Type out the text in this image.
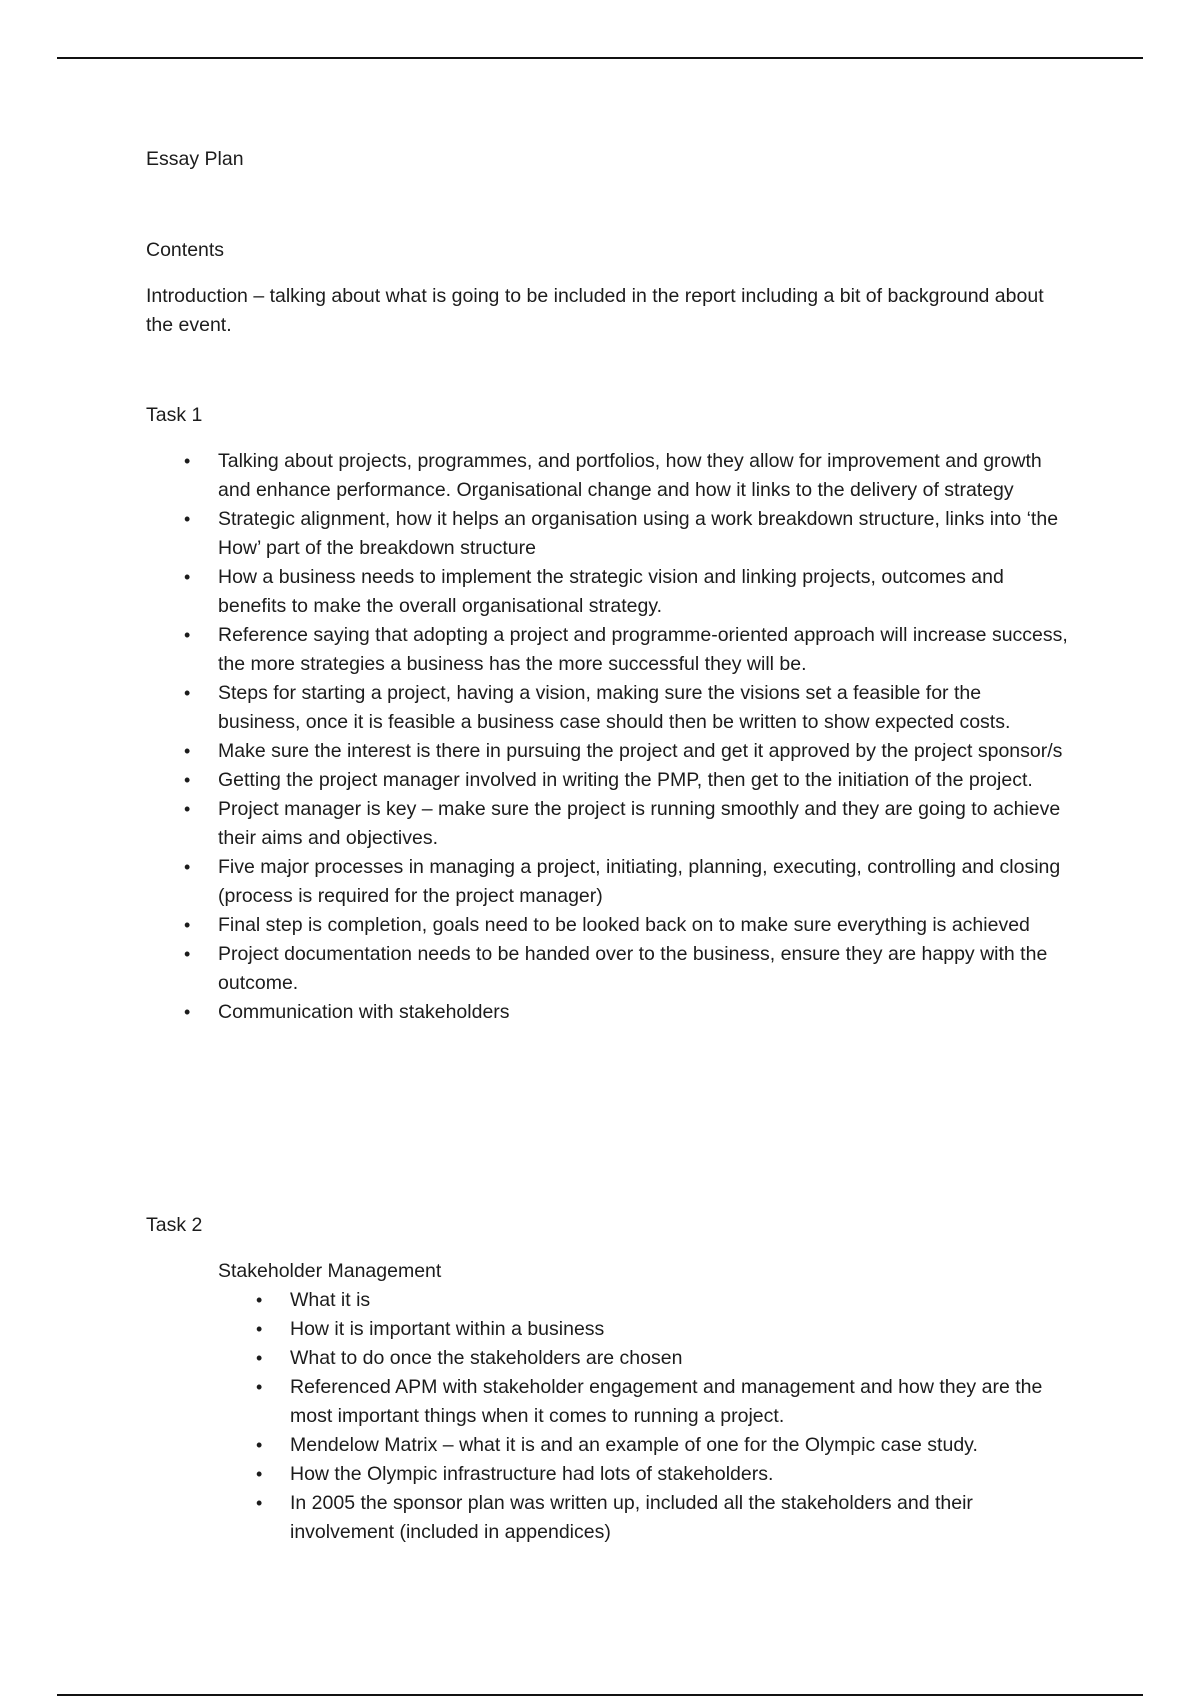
Essay Plan

Contents

Introduction – talking about what is going to be included in the report including a bit of background about the event.

Task 1

• Talking about projects, programmes, and portfolios, how they allow for improvement and growth and enhance performance. Organisational change and how it links to the delivery of strategy
• Strategic alignment, how it helps an organisation using a work breakdown structure, links into ‘the How’ part of the breakdown structure
• How a business needs to implement the strategic vision and linking projects, outcomes and benefits to make the overall organisational strategy.
• Reference saying that adopting a project and programme-oriented approach will increase success, the more strategies a business has the more successful they will be.
• Steps for starting a project, having a vision, making sure the visions set a feasible for the business, once it is feasible a business case should then be written to show expected costs.
• Make sure the interest is there in pursuing the project and get it approved by the project sponsor/s
• Getting the project manager involved in writing the PMP, then get to the initiation of the project.
• Project manager is key – make sure the project is running smoothly and they are going to achieve their aims and objectives.
• Five major processes in managing a project, initiating, planning, executing, controlling and closing (process is required for the project manager)
• Final step is completion, goals need to be looked back on to make sure everything is achieved
• Project documentation needs to be handed over to the business, ensure they are happy with the outcome.
• Communication with stakeholders

Task 2

Stakeholder Management

• What it is
• How it is important within a business
• What to do once the stakeholders are chosen
• Referenced APM with stakeholder engagement and management and how they are the most important things when it comes to running a project.
• Mendelow Matrix – what it is and an example of one for the Olympic case study.
• How the Olympic infrastructure had lots of stakeholders.
• In 2005 the sponsor plan was written up, included all the stakeholders and their involvement (included in appendices)
